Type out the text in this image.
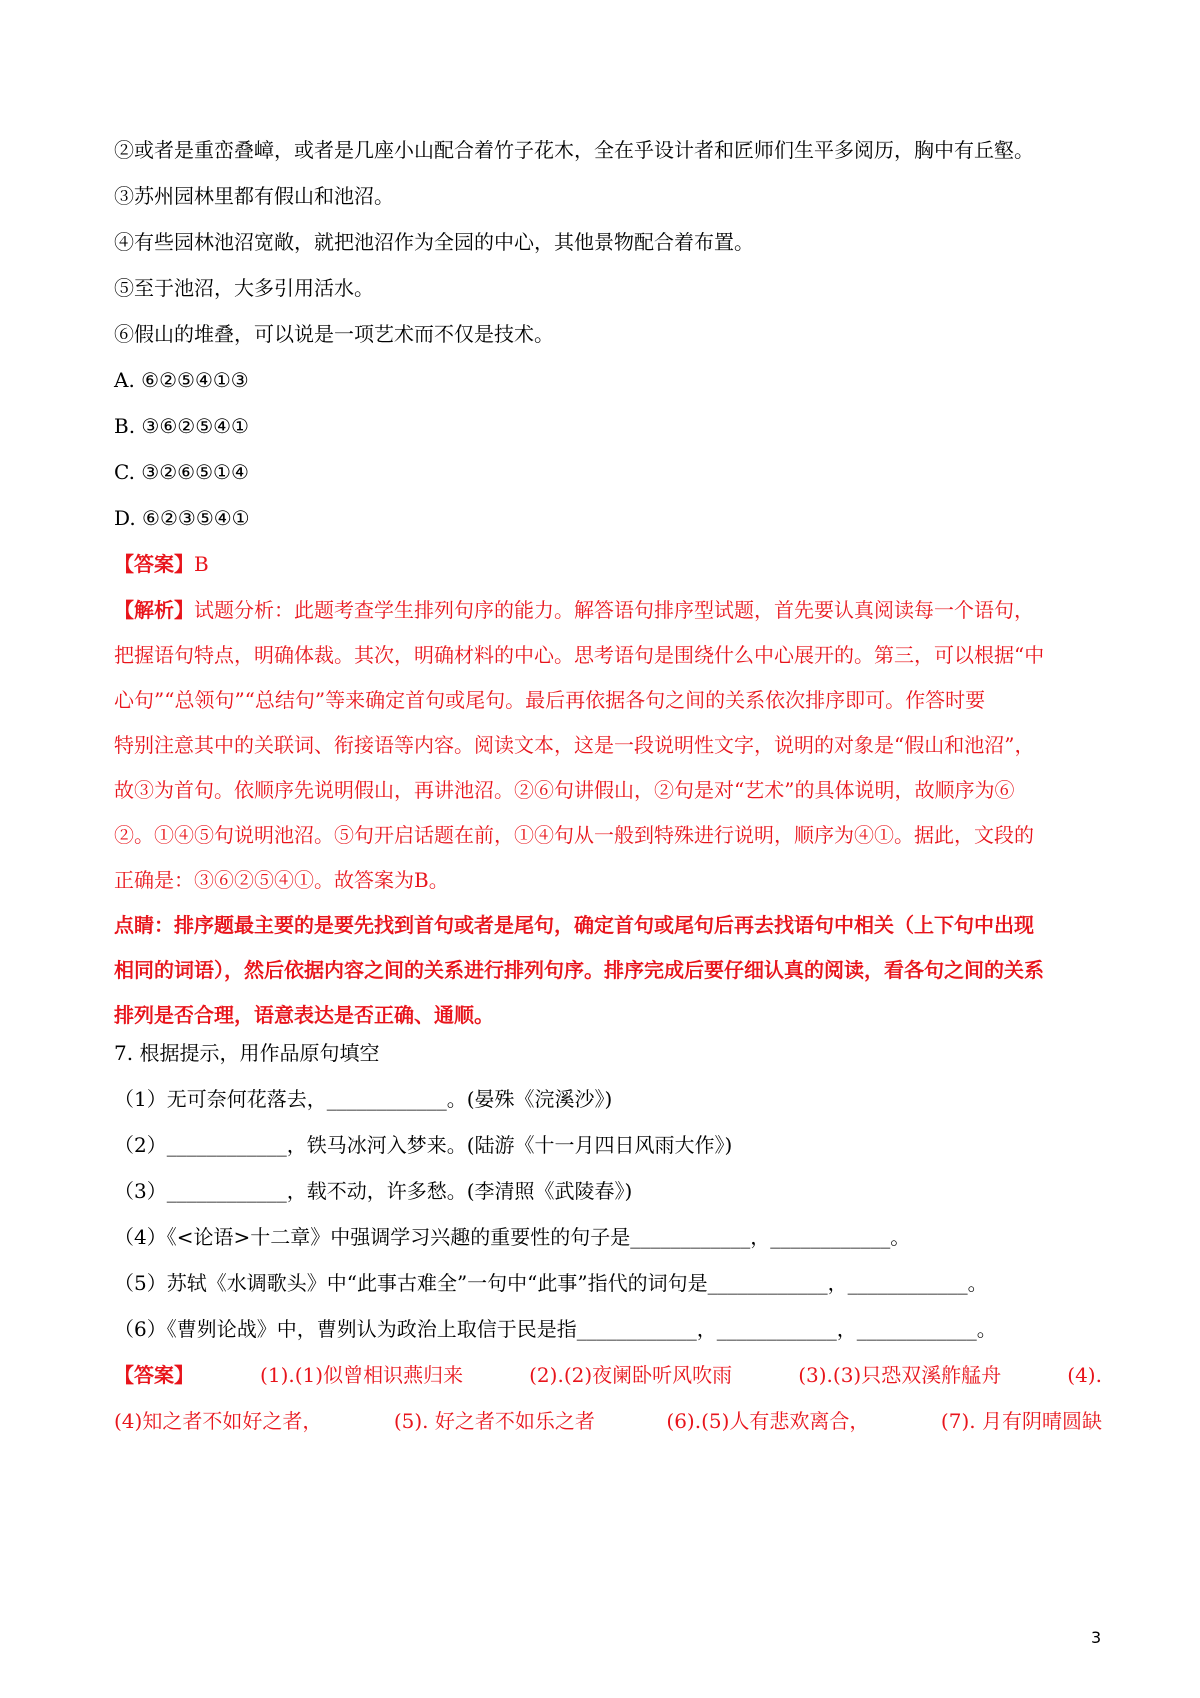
②或者是重峦叠嶂，或者是几座小山配合着竹子花木，全在乎设计者和匠师们生平多阅历，胸中有丘壑。
③苏州园林里都有假山和池沼。
④有些园林池沼宽敞，就把池沼作为全园的中心，其他景物配合着布置。
⑤至于池沼，大多引用活水。
⑥假山的堆叠，可以说是一项艺术而不仅是技术。
A. ⑥②⑤④①③
B. ③⑥②⑤④①
C. ③②⑥⑤①④
D. ⑥②③⑤④①
【答案】B
【解析】试题分析：此题考查学生排列句序的能力。解答语句排序型试题，首先要认真阅读每一个语句，
把握语句特点，明确体裁。其次，明确材料的中心。思考语句是围绕什么中心展开的。第三，可以根据“中
心句”“总领句”“总结句”等来确定首句或尾句。最后再依据各句之间的关系依次排序即可。作答时要
特别注意其中的关联词、衔接语等内容。阅读文本，这是一段说明性文字，说明的对象是“假山和池沼”，
故③为首句。依顺序先说明假山，再讲池沼。②⑥句讲假山，②句是对“艺术”的具体说明，故顺序为⑥
②。①④⑤句说明池沼。⑤句开启话题在前，①④句从一般到特殊进行说明，顺序为④①。据此，文段的
正确是：③⑥②⑤④①。故答案为B。
点睛：排序题最主要的是要先找到首句或者是尾句，确定首句或尾句后再去找语句中相关（上下句中出现
相同的词语），然后依据内容之间的关系进行排列句序。排序完成后要仔细认真的阅读，看各句之间的关系
排列是否合理，语意表达是否正确、通顺。
7. 根据提示，用作品原句填空
（1）无可奈何花落去，____________。(晏殊《浣溪沙》)
（2）____________，铁马冰河入梦来。(陆游《十一月四日风雨大作》)
（3）____________，载不动，许多愁。(李清照《武陵春》)
（4）《<论语>十二章》中强调学习兴趣的重要性的句子是____________，____________。
（5）苏轼《水调歌头》中“此事古难全”一句中“此事”指代的词句是____________，____________。
（6）《曹刿论战》中，曹刿认为政治上取信于民是指____________，____________，____________。
【答案】	(1).(1)似曾相识燕归来	(2).(2)夜阑卧听风吹雨	(3).(3)只恐双溪舴艋舟	(4).
(4)知之者不如好之者，	(5). 好之者不如乐之者	(6).(5)人有悲欢离合，	(7). 月有阴晴圆缺
3
